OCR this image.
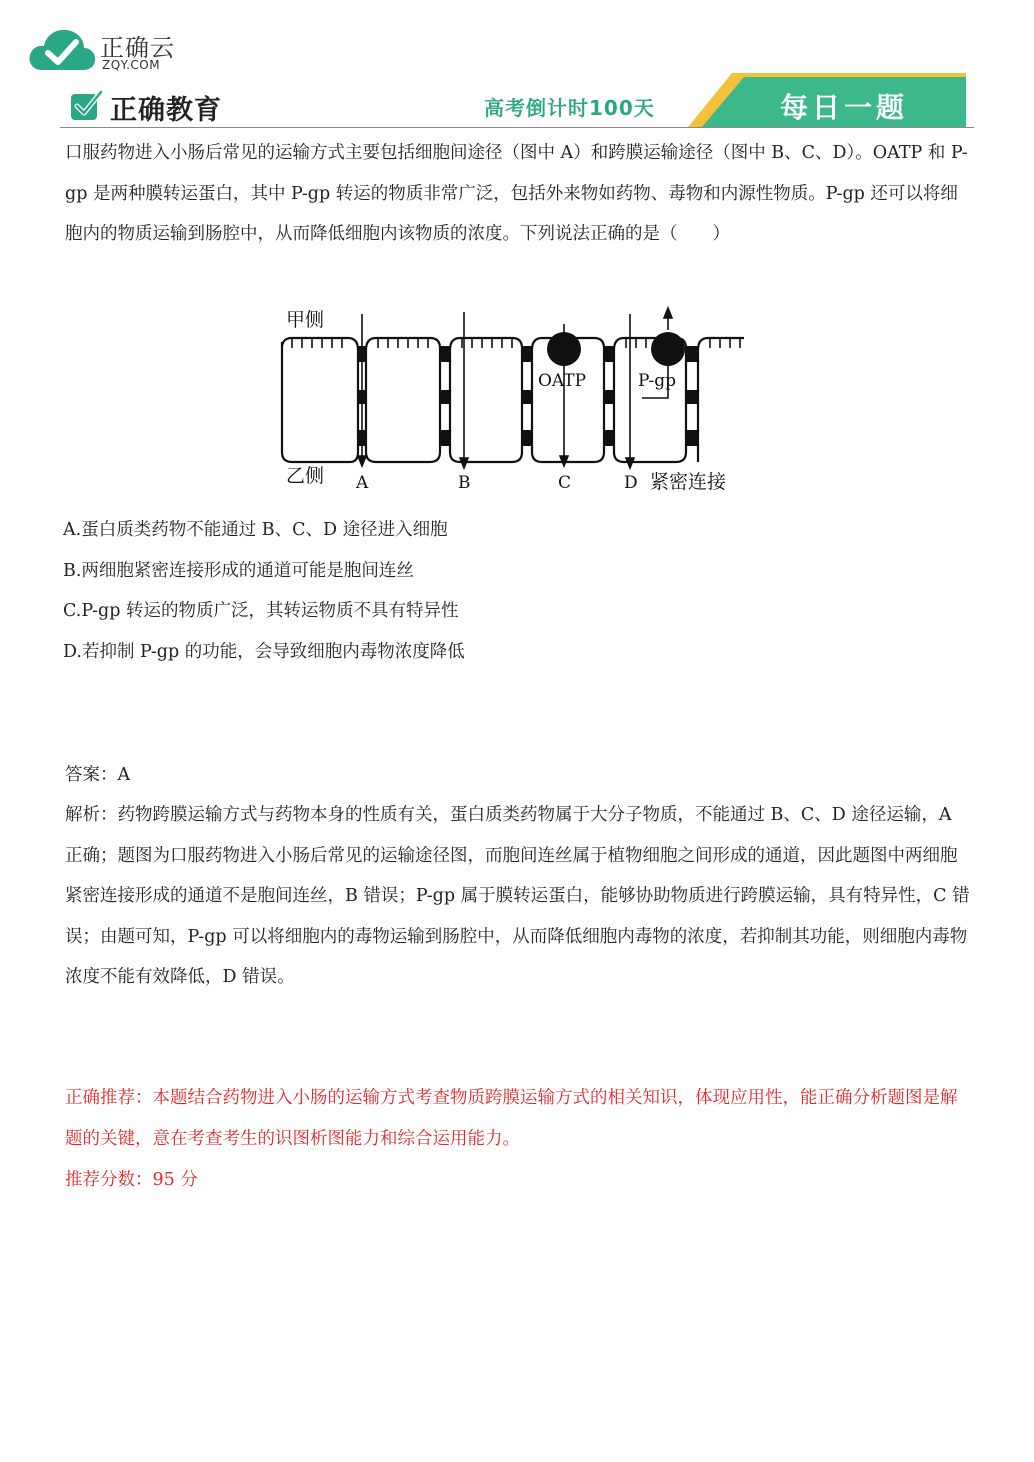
正确云
ZQY.COM
正确教育	高考倒计时100天	每日一题
口服药物进入小肠后常见的运输方式主要包括细胞间途径（图中 A）和跨膜运输途径（图中 B、C、D）。OATP 和 P-gp 是两种膜转运蛋白，其中 P-gp 转运的物质非常广泛，包括外来物如药物、毒物和内源性物质。P-gp 还可以将细胞内的物质运输到肠腔中，从而降低细胞内该物质的浓度。下列说法正确的是（　　）
甲侧
乙侧
OATP	P-gp
A	B	C	D 紧密连接
A.蛋白质类药物不能通过 B、C、D 途径进入细胞
B.两细胞紧密连接形成的通道可能是胞间连丝
C.P-gp 转运的物质广泛，其转运物质不具有特异性
D.若抑制 P-gp 的功能，会导致细胞内毒物浓度降低
答案：A
解析：药物跨膜运输方式与药物本身的性质有关，蛋白质类药物属于大分子物质，不能通过 B、C、D 途径运输，A 正确；题图为口服药物进入小肠后常见的运输途径图，而胞间连丝属于植物细胞之间形成的通道，因此题图中两细胞紧密连接形成的通道不是胞间连丝，B 错误；P-gp 属于膜转运蛋白，能够协助物质进行跨膜运输，具有特异性，C 错误；由题可知，P-gp 可以将细胞内的毒物运输到肠腔中，从而降低细胞内毒物的浓度，若抑制其功能，则细胞内毒物浓度不能有效降低，D 错误。
正确推荐：本题结合药物进入小肠的运输方式考查物质跨膜运输方式的相关知识，体现应用性，能正确分析题图是解题的关键，意在考查考生的识图析图能力和综合运用能力。
推荐分数：95 分
